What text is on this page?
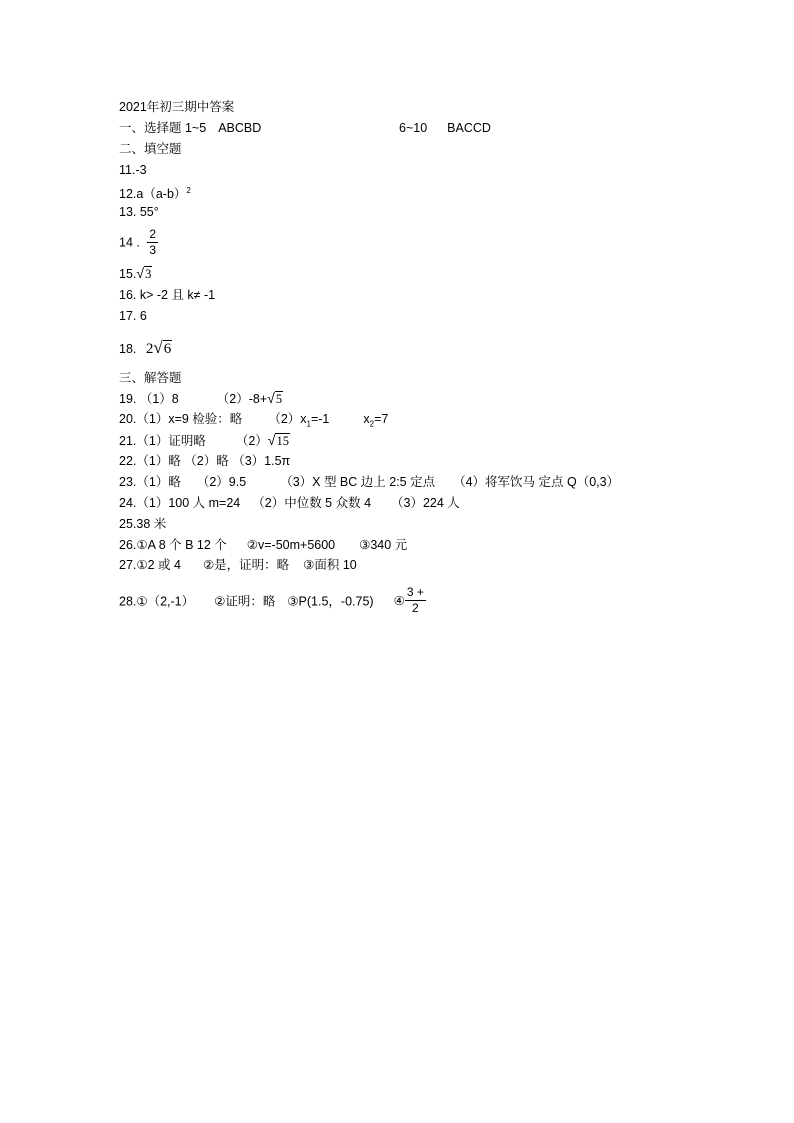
2021年初三期中答案
一、选择题 1~5 ABCBD	6~10 BACCD
二、填空题
11.-3
$12.a(a-b)^2$
13. 55°
14 . $\frac{2}{3}$
15.√3
16. k> -2 且 k≠ -1
17. 6
18. 2√6
三、解答题
19. （1）8	（2）-8+√5
20.（1）x=9 检验：略 $(2)x_1=-1$	$x_2=7$
21.（1）证明略 （2）√15
22.（1）略 （2）略 （3）1.5π
23.（1）略 （2）9.5	（3）X 型 BC 边上 2:5 定点 （4）将军饮马 定点 Q（0,3）
24.（1）100 人 m=24 （2）中位数 5 众数 4 （3）224 人
25.38 米
26.①A 8 个 B 12 个 ②v=-50m+5600 ③340 元
27.①2 或 4 ②是，证明：略 ③面积 10
28.①（2,-1） ②证明：略 ③P(1.5，-0.75) ④ $\frac{3 +}{2}$
